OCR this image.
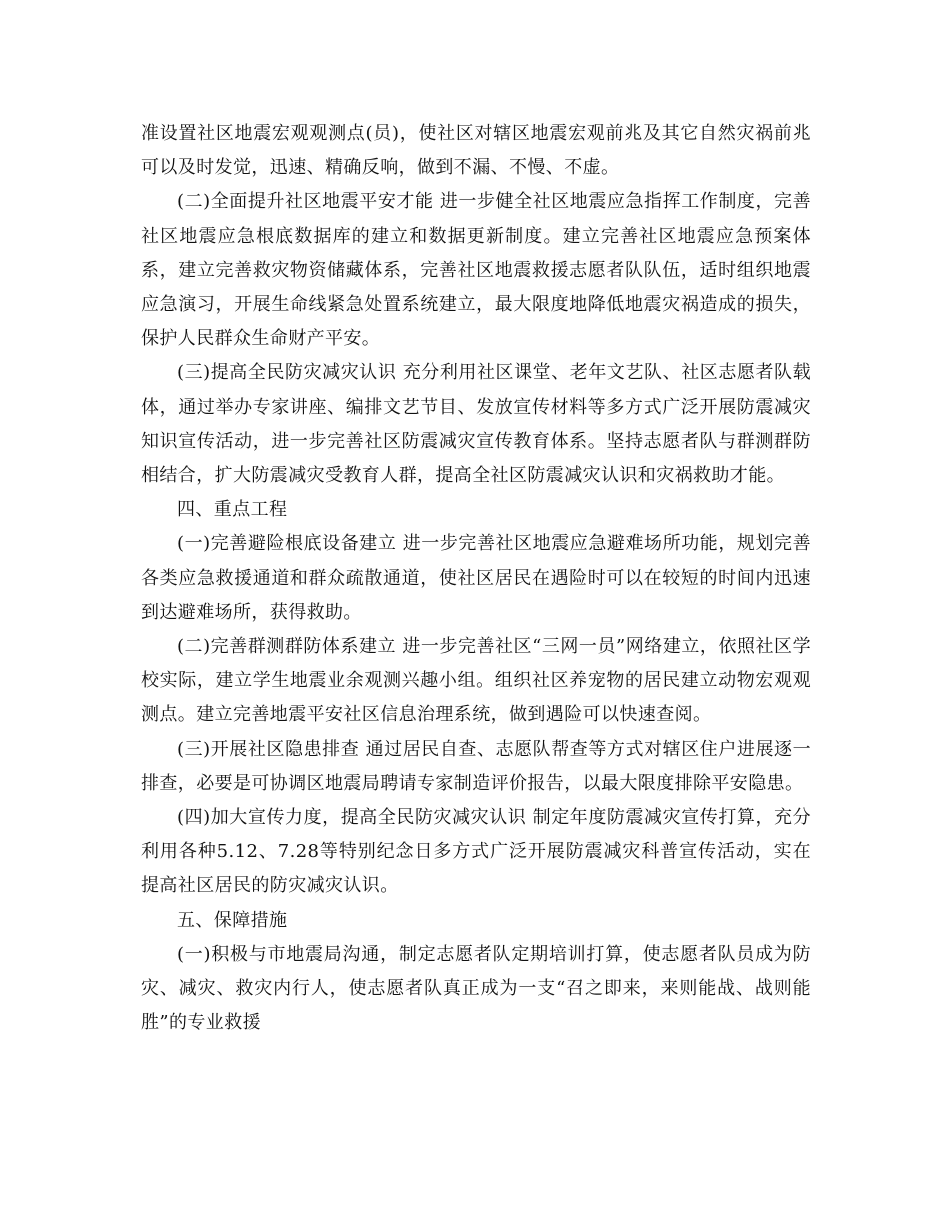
准设置社区地震宏观观测点(员)，使社区对辖区地震宏观前兆及其它自然灾祸前兆可以及时发觉，迅速、精确反响，做到不漏、不慢、不虚。

(二)全面提升社区地震平安才能 进一步健全社区地震应急指挥工作制度，完善社区地震应急根底数据库的建立和数据更新制度。建立完善社区地震应急预案体系，建立完善救灾物资储藏体系，完善社区地震救援志愿者队队伍，适时组织地震应急演习，开展生命线紧急处置系统建立，最大限度地降低地震灾祸造成的损失，保护人民群众生命财产平安。

(三)提高全民防灾减灾认识 充分利用社区课堂、老年文艺队、社区志愿者队载体，通过举办专家讲座、编排文艺节目、发放宣传材料等多方式广泛开展防震减灾知识宣传活动，进一步完善社区防震减灾宣传教育体系。坚持志愿者队与群测群防相结合，扩大防震减灾受教育人群，提高全社区防震减灾认识和灾祸救助才能。

四、重点工程

(一)完善避险根底设备建立 进一步完善社区地震应急避难场所功能，规划完善各类应急救援通道和群众疏散通道，使社区居民在遇险时可以在较短的时间内迅速到达避难场所，获得救助。

(二)完善群测群防体系建立 进一步完善社区“三网一员”网络建立，依照社区学校实际，建立学生地震业余观测兴趣小组。组织社区养宠物的居民建立动物宏观观测点。建立完善地震平安社区信息治理系统，做到遇险可以快速查阅。

(三)开展社区隐患排查 通过居民自查、志愿队帮查等方式对辖区住户进展逐一排查，必要是可协调区地震局聘请专家制造评价报告，以最大限度排除平安隐患。

(四)加大宣传力度，提高全民防灾减灾认识 制定年度防震减灾宣传打算，充分利用各种5.12、7.28等特别纪念日多方式广泛开展防震减灾科普宣传活动，实在提高社区居民的防灾减灾认识。

五、保障措施

(一)积极与市地震局沟通，制定志愿者队定期培训打算，使志愿者队员成为防灾、减灾、救灾内行人，使志愿者队真正成为一支“召之即来，来则能战、战则能胜”的专业救援
